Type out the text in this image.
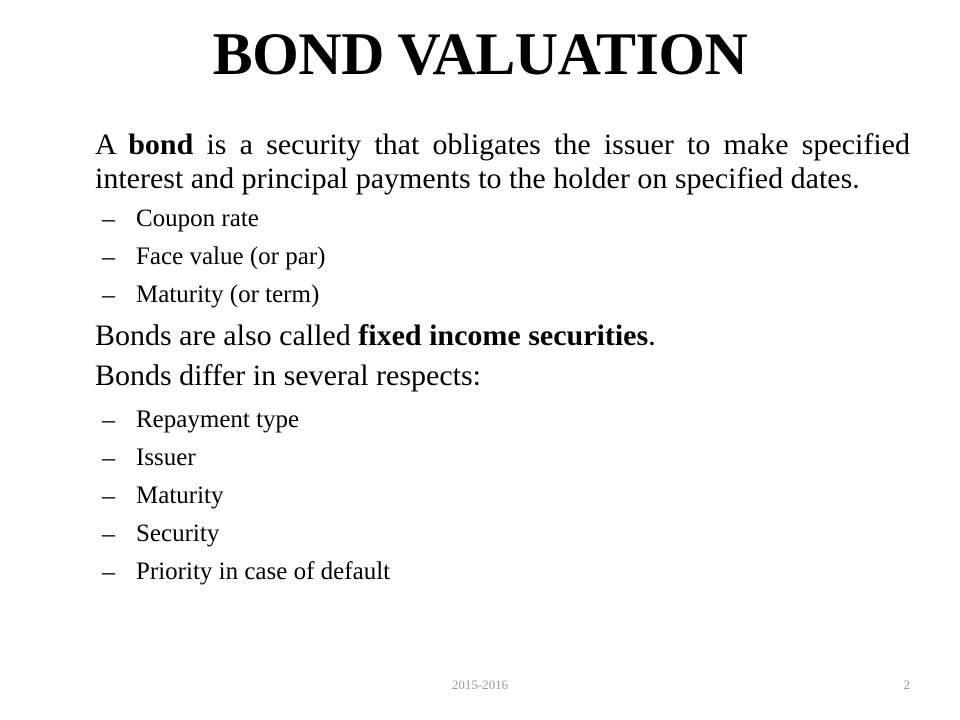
BOND VALUATION

A bond is a security that obligates the issuer to make specified interest and principal payments to the holder on specified dates.

– Coupon rate
– Face value (or par)
– Maturity (or term)

Bonds are also called fixed income securities.

Bonds differ in several respects:

– Repayment type
– Issuer
– Maturity
– Security
– Priority in case of default
2015-2016	2
